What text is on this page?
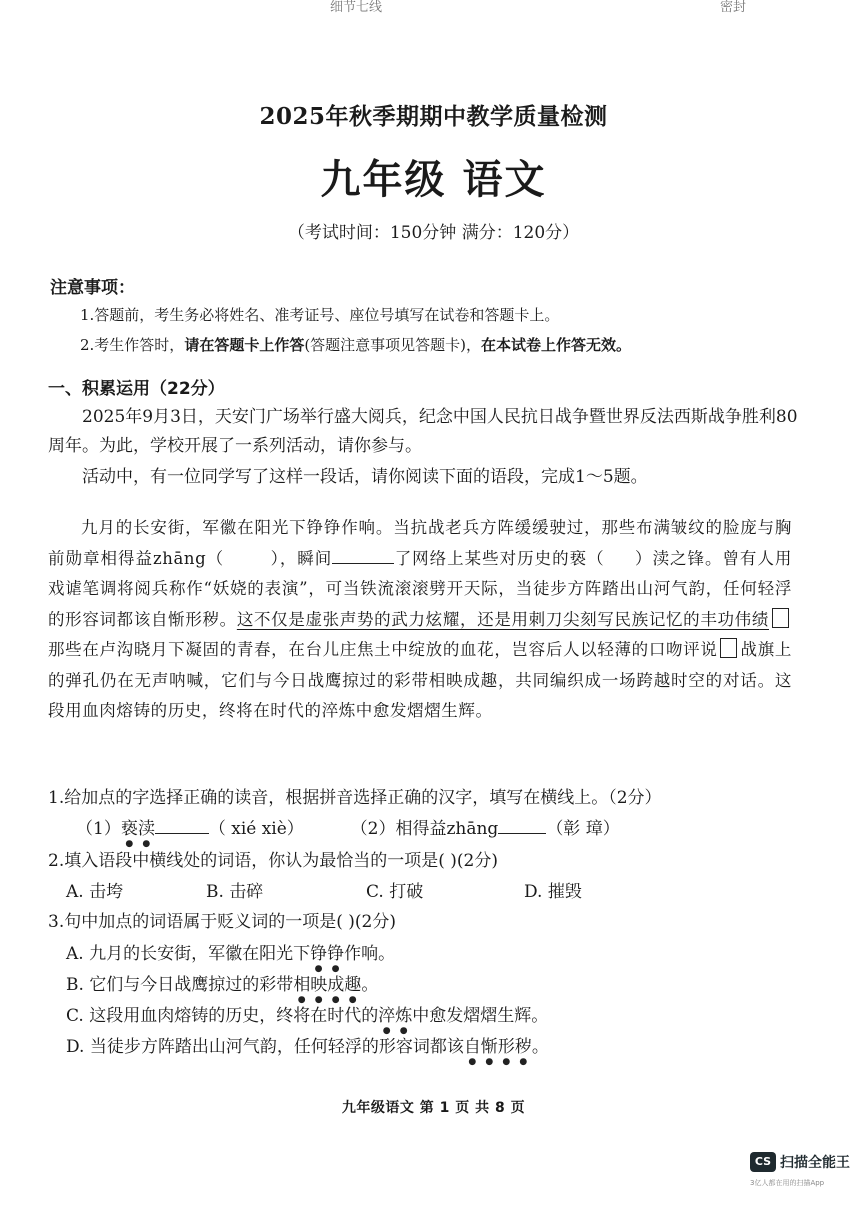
细节七线	密封
2025年秋季期期中教学质量检测
九年级 语文
（考试时间：150分钟 满分：120分）
注意事项：
1.答题前，考生务必将姓名、准考证号、座位号填写在试卷和答题卡上。
2.考生作答时，请在答题卡上作答(答题注意事项见答题卡)，在本试卷上作答无效。
一、积累运用（22分）
2025年9月3日，天安门广场举行盛大阅兵，纪念中国人民抗日战争暨世界反法西斯战争胜利80周年。为此，学校开展了一系列活动，请你参与。
活动中，有一位同学写了这样一段话，请你阅读下面的语段，完成1～5题。
九月的长安街，军徽在阳光下铮铮作响。当抗战老兵方阵缓缓驶过，那些布满皱纹的脸庞与胸前勋章相得益zhāng（	），瞬间	了网络上某些对历史的亵（ ）渎之锋。曾有人用戏谑笔调将阅兵称作“妖娆的表演”，可当铁流滚滚劈开天际，当徒步方阵踏出山河气韵，任何轻浮的形容词都该自惭形秽。这不仅是虚张声势的武力炫耀，还是用刺刀尖刻写民族记忆的丰功伟绩那些在卢沟晓月下凝固的青春，在台儿庄焦土中绽放的血花，岂容后人以轻薄的口吻评说 战旗上的弹孔仍在无声呐喊，它们与今日战鹰掠过的彩带相映成趣，共同编织成一场跨越时空的对话。这段用血肉熔铸的历史，终将在时代的淬炼中愈发熠熠生辉。
1.给加点的字选择正确的读音，根据拼音选择正确的汉字，填写在横线上。（2分）
（1）亵渎	（ xié xiè）	（2）相得益zhāng	（彰 璋）
2.填入语段中横线处的词语，你认为最恰当的一项是( )(2分)
A. 击垮	B. 击碎	C. 打破	D. 摧毁
3.句中加点的词语属于贬义词的一项是( )(2分)
A. 九月的长安街，军徽在阳光下铮铮作响。
B. 它们与今日战鹰掠过的彩带相映成趣。
C. 这段用血肉熔铸的历史，终将在时代的淬炼中愈发熠熠生辉。
D. 当徒步方阵踏出山河气韵，任何轻浮的形容词都该自惭形秽。
九年级语文 第 1 页 共 8 页
CS 扫描全能王
3亿人都在用的扫描App
